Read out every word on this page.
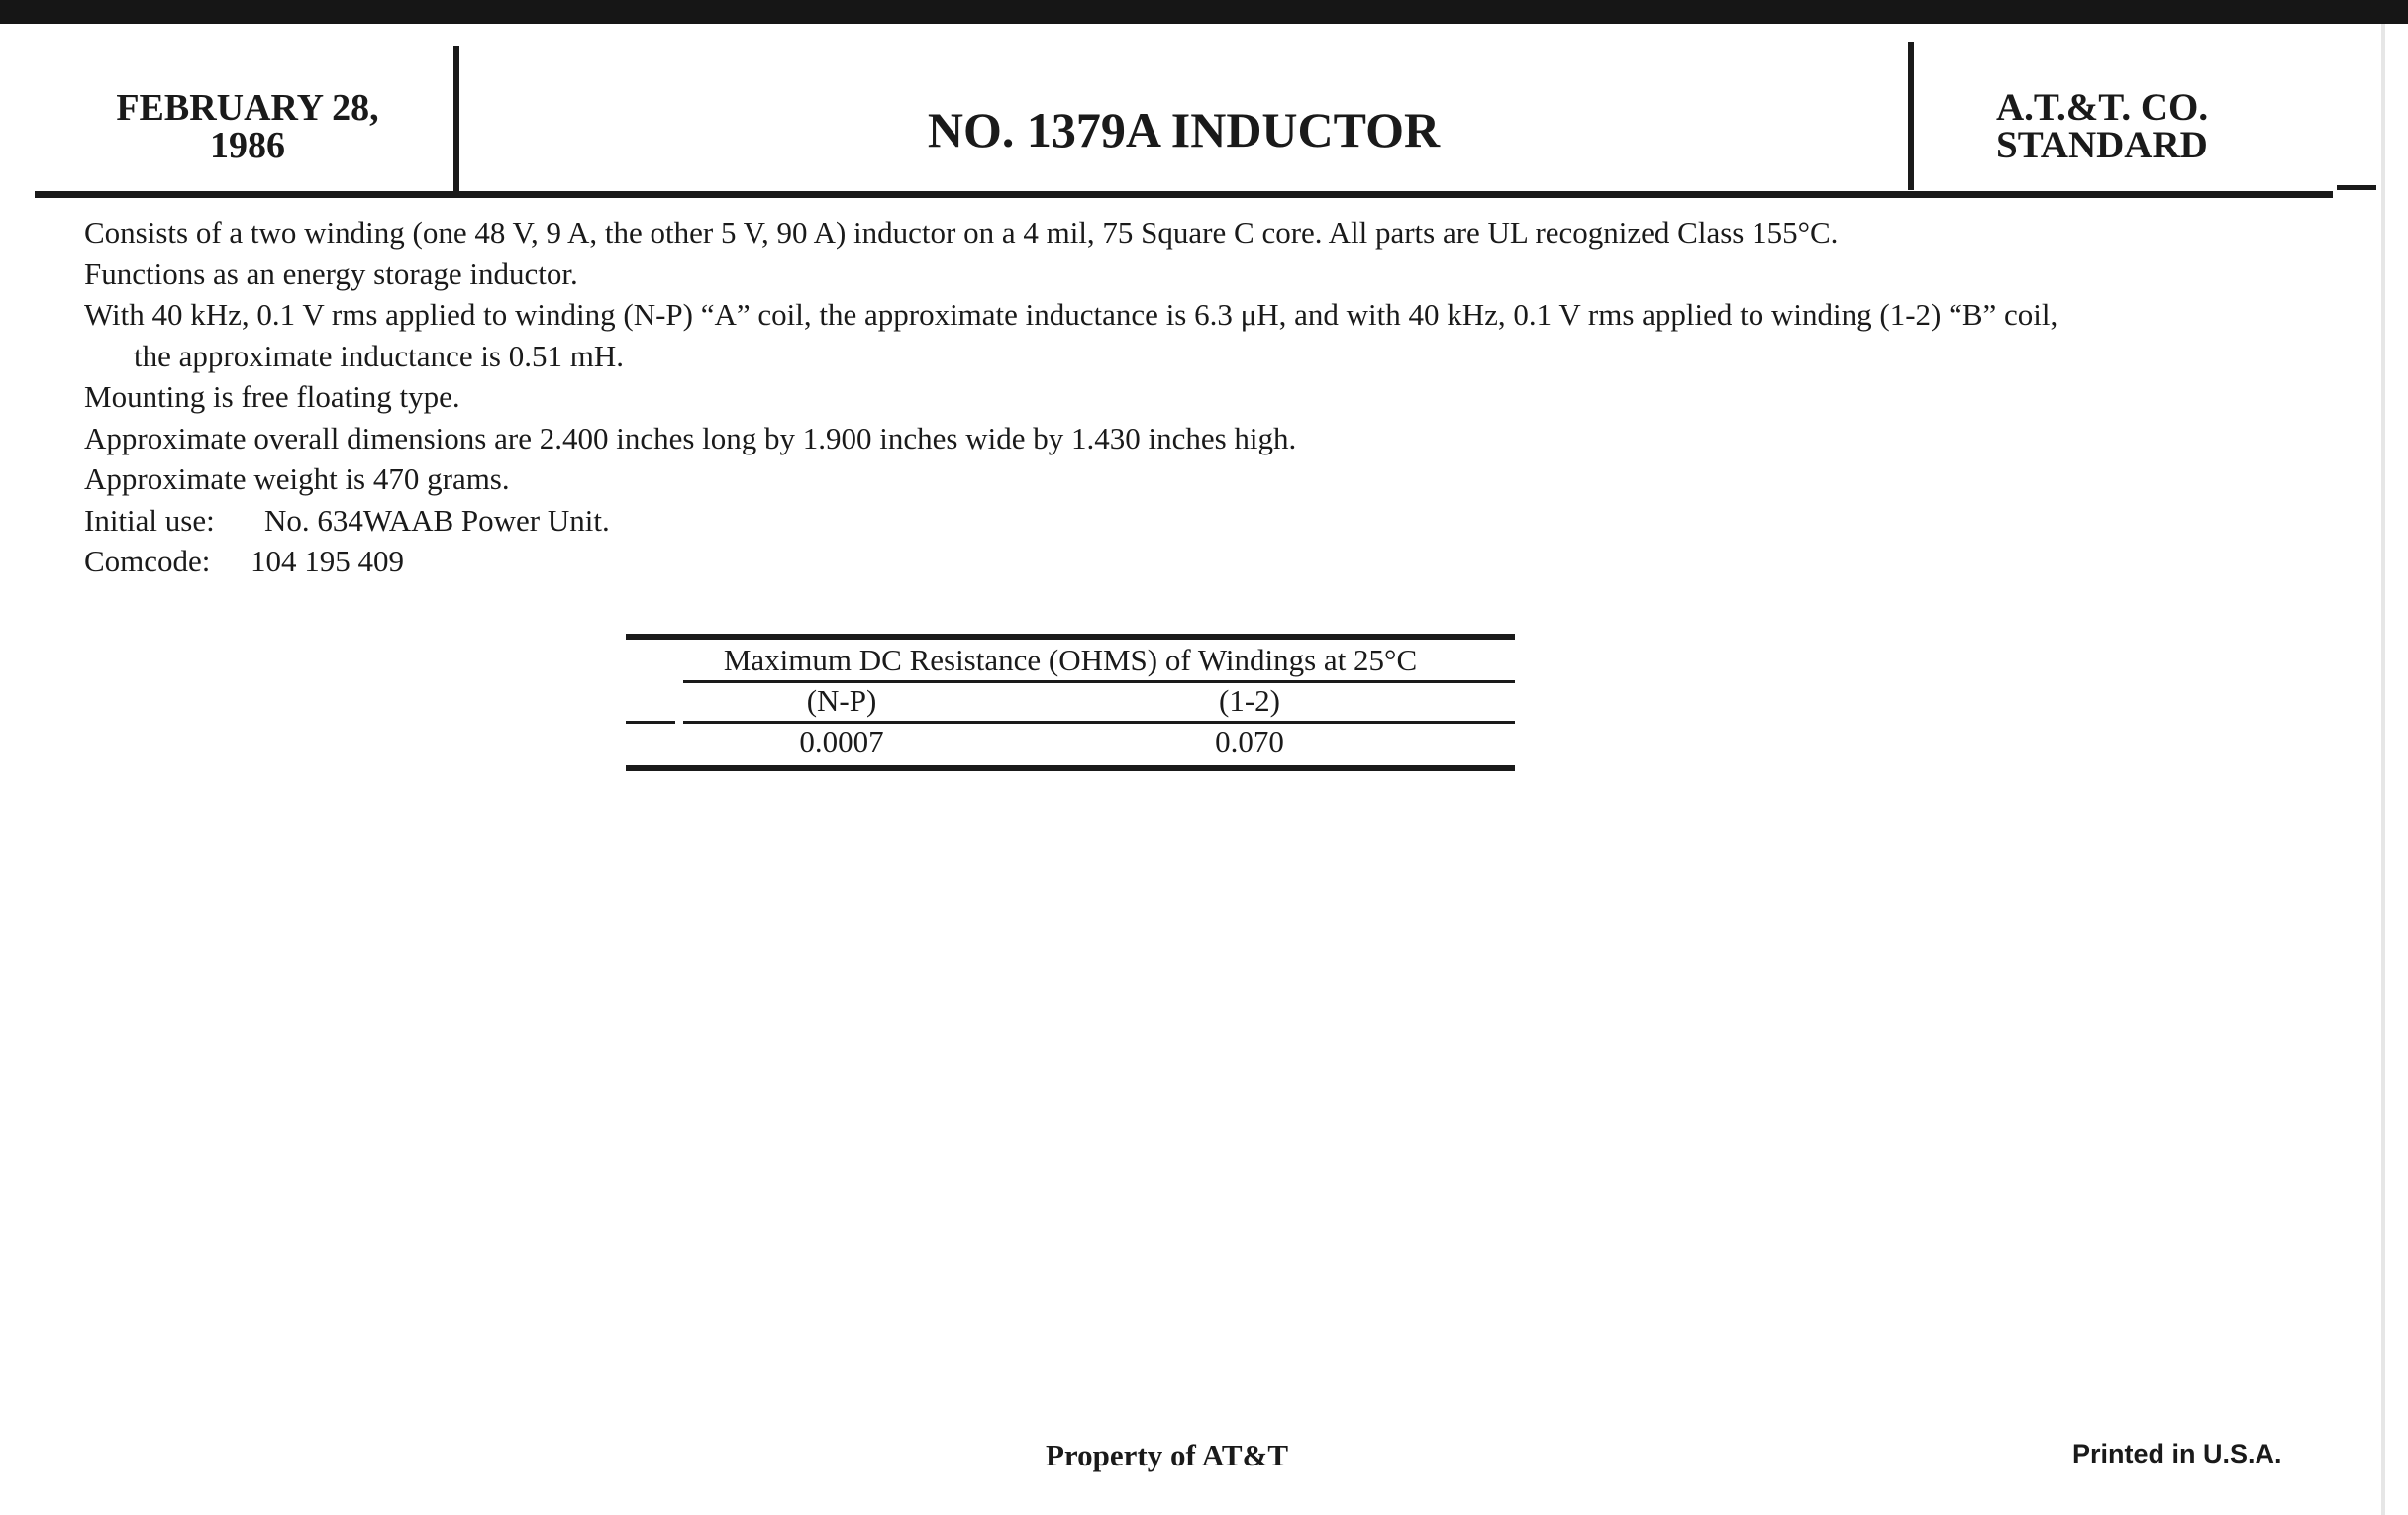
FEBRUARY 28,
1986	NO. 1379A INDUCTOR	A.T.&T. CO.
STANDARD

Consists of a two winding (one 48 V, 9 A, the other 5 V, 90 A) inductor on a 4 mil, 75 Square C core. All parts are UL recognized Class 155°C.

Functions as an energy storage inductor.

With 40 kHz, 0.1 V rms applied to winding (N-P) “A” coil, the approximate inductance is 6.3 μH, and with 40 kHz, 0.1 V rms applied to winding (1-2) “B” coil,

the approximate inductance is 0.51 mH.

Mounting is free floating type.

Approximate overall dimensions are 2.400 inches long by 1.900 inches wide by 1.430 inches high.

Approximate weight is 470 grams.

Initial use: No. 634WAAB Power Unit.

Comcode: 104 195 409

Maximum DC Resistance (OHMS) of Windings at 25°C
(N-P)	(1-2)
0.0007	0.070
Property of AT&T	Printed in U.S.A.
